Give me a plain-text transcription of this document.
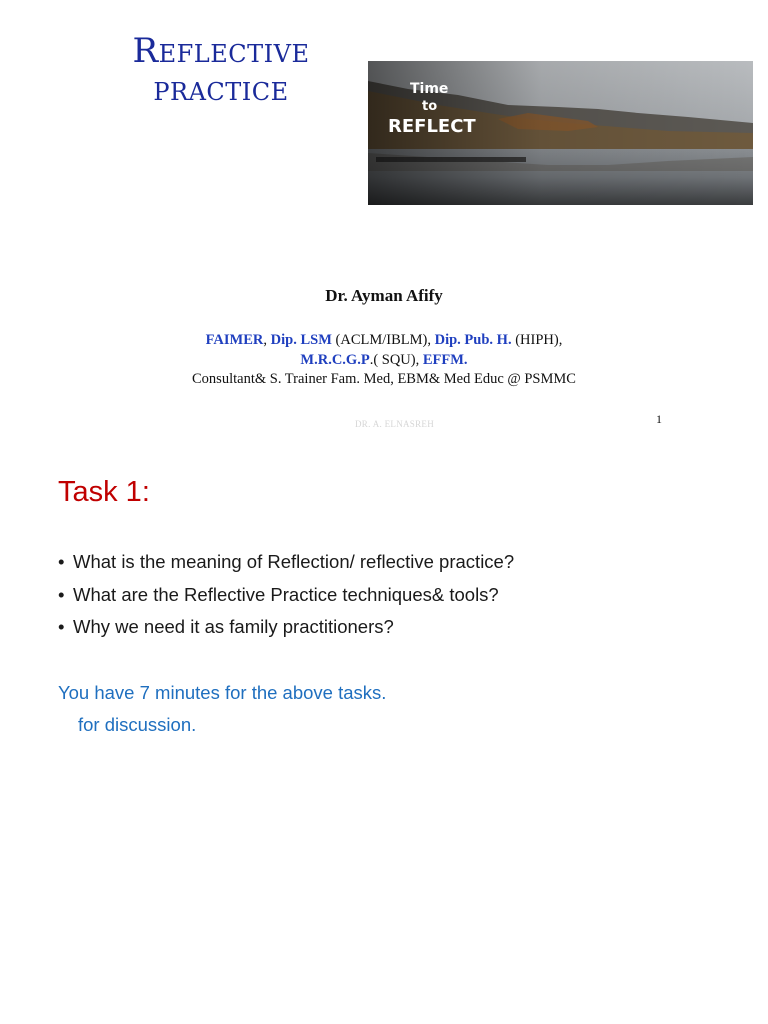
Reflective
practice	Time
to
REFLECT
Dr. Ayman Afify
FAIMER, Dip. LSM (ACLM/IBLM), Dip. Pub. H. (HIPH),
M.R.C.G.P.( SQU), EFFM.
Consultant& S. Trainer Fam. Med, EBM& Med Educ @ PSMMC
DR. A. ELNASREH	1
Task 1:
• What is the meaning of Reflection/ reflective practice?
• What are the Reflective Practice techniques& tools?
• Why we need it as family practitioners?
You have 7 minutes for the above tasks.
for discussion.
